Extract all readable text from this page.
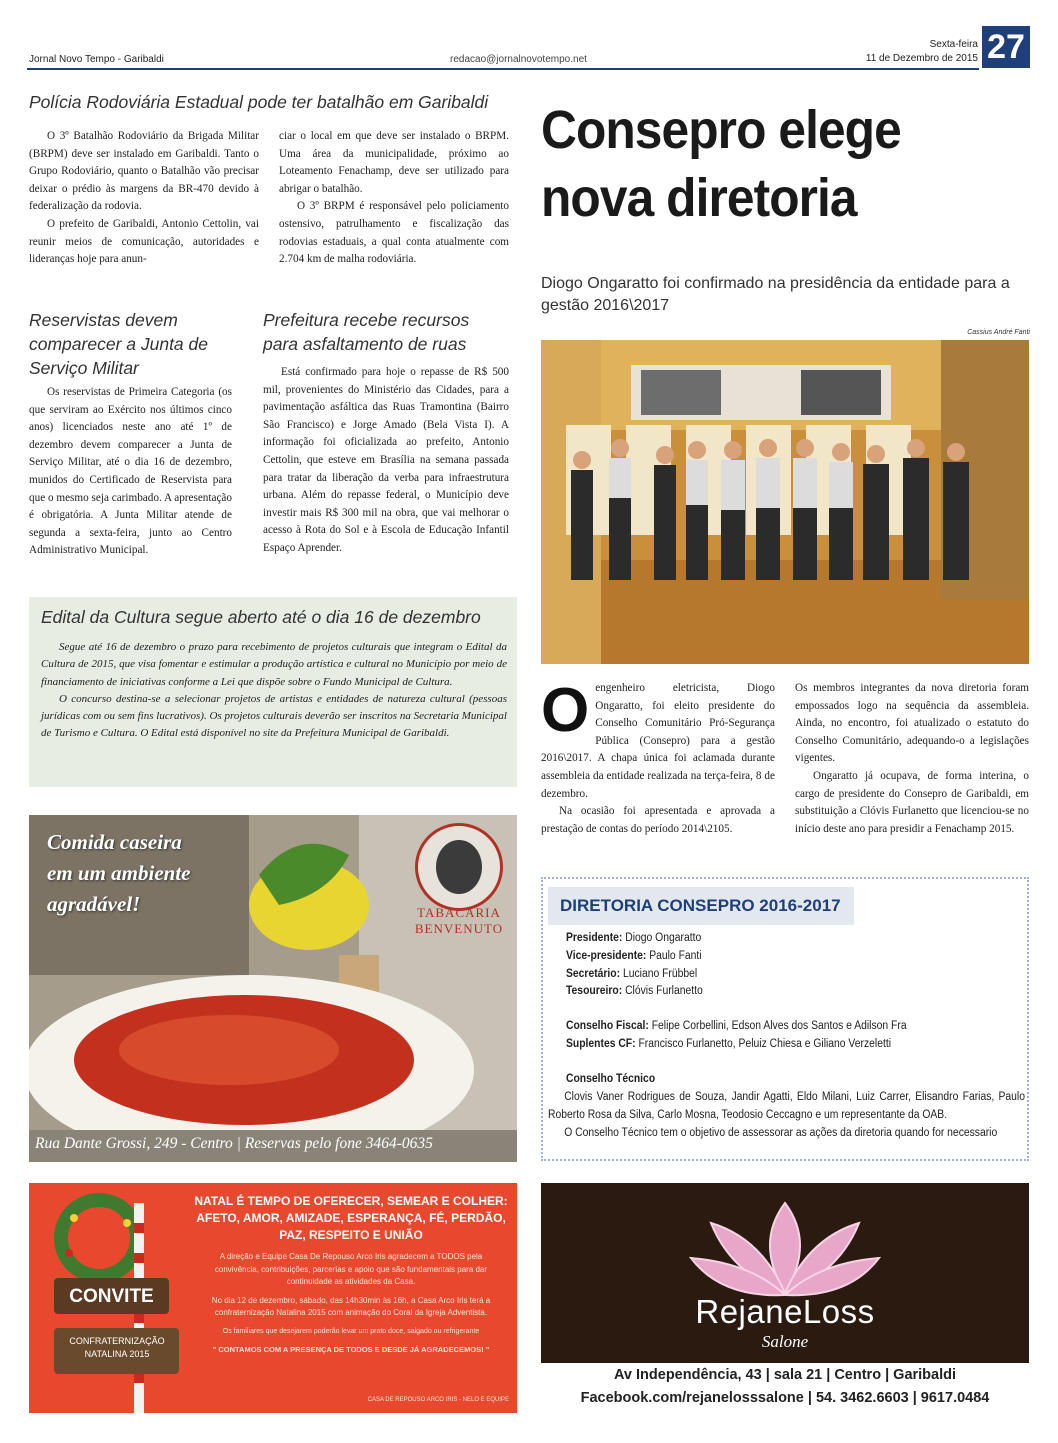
Jornal Novo Tempo - Garibaldi	redacao@jornalnovotempo.net
Sexta-feira
11 de Dezembro de 2015 27
Polícia Rodoviária Estadual pode ter batalhão em Garibaldi

O 3º Batalhão Rodoviário da Brigada Militar (BRPM) deve ser instalado em Garibaldi. Tanto o Grupo Rodoviário, quanto o Batalhão vão precisar deixar o prédio às margens da BR-470 devido à federalização da rodovia.

O prefeito de Garibaldi, Antonio Cettolin, vai reunir meios de comunicação, autoridades e lideranças hoje para anun-

ciar o local em que deve ser instalado o BRPM. Uma área da municipalidade, próximo ao Loteamento Fenachamp, deve ser utilizado para abrigar o batalhão.

O 3º BRPM é responsável pelo policiamento ostensivo, patrulhamento e fiscalização das rodovias estaduais, a qual conta atualmente com 2.704 km de malha rodoviária.

Reservistas devem comparecer a Junta de Serviço Militar

Os reservistas de Primeira Categoria (os que serviram ao Exército nos últimos cinco anos) licenciados neste ano até 1º de dezembro devem comparecer a Junta de Serviço Militar, até o dia 16 de dezembro, munidos do Certificado de Reservista para que o mesmo seja carimbado. A apresentação é obrigatória. A Junta Militar atende de segunda a sexta-feira, junto ao Centro Administrativo Municipal.

Prefeitura recebe recursos para asfaltamento de ruas

Está confirmado para hoje o repasse de R$ 500 mil, provenientes do Ministério das Cidades, para a pavimentação asfáltica das Ruas Tramontina (Bairro São Francisco) e Jorge Amado (Bela Vista I). A informação foi oficializada ao prefeito, Antonio Cettolin, que esteve em Brasília na semana passada para tratar da liberação da verba para infraestrutura urbana. Além do repasse federal, o Município deve investir mais R$ 300 mil na obra, que vai melhorar o acesso à Rota do Sol e à Escola de Educação Infantil Espaço Aprender.

Edital da Cultura segue aberto até o dia 16 de dezembro

Segue até 16 de dezembro o prazo para recebimento de projetos culturais que integram o Edital da Cultura de 2015, que visa fomentar e estimular a produção artística e cultural no Município por meio de financiamento de iniciativas conforme a Lei que dispõe sobre o Fundo Municipal de Cultura.

O concurso destina-se a selecionar projetos de artistas e entidades de natureza cultural (pessoas jurídicas com ou sem fins lucrativos). Os projetos culturais deverão ser inscritos na Secretaria Municipal de Turismo e Cultura. O Edital está disponível no site da Prefeitura Municipal de Garibaldi.

Consepro elege nova diretoria
Diogo Ongaratto foi confirmado na presidência da entidade para a gestão 2016\2017
Cassius André Fanti
O engenheiro eletricista, Diogo Ongaratto, foi eleito presidente do Conselho Comunitário Pró-Segurança Pública (Consepro) para a gestão 2016\2017. A chapa única foi aclamada durante assembleia da entidade realizada na terça-feira, 8 de dezembro.

Na ocasião foi apresentada e aprovada a prestação de contas do período 2014\2105.

Os membros integrantes da nova diretoria foram empossados logo na sequência da assembleia. Ainda, no encontro, foi atualizado o estatuto do Conselho Comunitário, adequando-o a legislações vigentes.

Ongaratto já ocupava, de forma interina, o cargo de presidente do Consepro de Garibaldi, em substituição a Clóvis Furlanetto que licenciou-se no início deste ano para presidir a Fenachamp 2015.

DIRETORIA CONSEPRO 2016-2017
Presidente: Diogo Ongaratto
Vice-presidente: Paulo Fanti
Secretário: Luciano Frübbel
Tesoureiro: Clóvis Furlanetto
Conselho Fiscal: Felipe Corbellini, Edson Alves dos Santos e Adilson Fra
Suplentes CF: Francisco Furlanetto, Peluiz Chiesa e Giliano Verzeletti
Conselho Técnico
Clovis Vaner Rodrigues de Souza, Jandir Agatti, Eldo Milani, Luiz Carrer, Elisandro Farias, Paulo Roberto Rosa da Silva, Carlo Mosna, Teodosio Ceccagno e um representante da OAB.
O Conselho Técnico tem o objetivo de assessorar as ações da diretoria quando for necessario
Comida caseira
em um ambiente
agradável!	TABACARIA
BENVENUTO
Rua Dante Grossi, 249 - Centro | Reservas pelo fone 3464-0635
CONVITE
CONFRATERNIZAÇÃO
NATALINA 2015
NATAL É TEMPO DE OFERECER, SEMEAR E COLHER: AFETO, AMOR, AMIZADE, ESPERANÇA, FÉ, PERDÃO, PAZ, RESPEITO E UNIÃO
A direção e Equipe Casa De Repouso Arco Iris agradecem a TODOS pela convivência, contribuições, parcerias e apoio que são fundamentais para dar continuidade as atividades da Casa.
No dia 12 de dezembro, sábado, das 14h30min às 16h, a Casa Arco Iris terá a confraternização Natalina 2015 com animação do Coral da Igreja Adventista.
Os familiares que desejarem poderão levar um prato doce, salgado ou refrigerante
" CONTAMOS COM A PRESENÇA DE TODOS E DESDE JÁ AGRADECEMOS! "
CASA DE REPOUSO ARCO IRIS - NELO E EQUIPE
RejaneLoss
Salone
Av Independência, 43 | sala 21 | Centro | Garibaldi
Facebook.com/rejanelosssalone | 54. 3462.6603 | 9617.0484
